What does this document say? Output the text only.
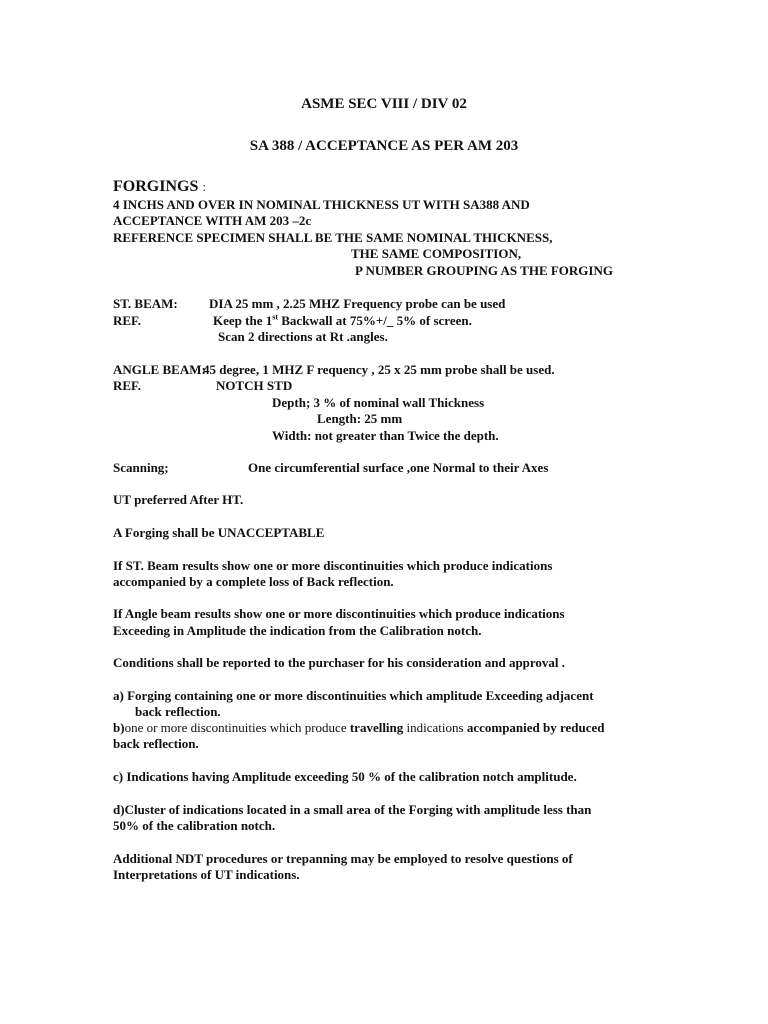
ASME SEC VIII / DIV 02
SA 388 / ACCEPTANCE AS PER AM 203
FORGINGS :
4 INCHS AND OVER IN NOMINAL THICKNESS UT WITH SA388 AND
ACCEPTANCE WITH AM 203 –2c
REFERENCE SPECIMEN SHALL BE THE SAME NOMINAL THICKNESS,
THE SAME COMPOSITION,
P NUMBER GROUPING AS THE FORGING
ST. BEAM: DIA 25 mm , 2.25 MHZ Frequency probe can be used
REF.	Keep the 1st Backwall at 75%+/_ 5% of screen.
Scan 2 directions at Rt .angles.
ANGLE BEAM:
45 degree, 1 MHZ F requency , 25 x 25 mm probe shall be used.
REF.	NOTCH STD
Depth; 3 % of nominal wall Thickness
Length: 25 mm
Width: not greater than Twice the depth.
Scanning;	One circumferential surface ,one Normal to their Axes
UT preferred After HT.
A Forging shall be UNACCEPTABLE
If ST. Beam results show one or more discontinuities which produce indications
accompanied by a complete loss of Back reflection.
If Angle beam results show one or more discontinuities which produce indications
Exceeding in Amplitude the indication from the Calibration notch.
Conditions shall be reported to the purchaser for his consideration and approval .
a) Forging containing one or more discontinuities which amplitude Exceeding adjacent
back reflection.
b)one or more discontinuities which produce travelling indications accompanied by reduced
back reflection.
c) Indications having Amplitude exceeding 50 % of the calibration notch amplitude.
d)Cluster of indications located in a small area of the Forging with amplitude less than
50% of the calibration notch.
Additional NDT procedures or trepanning may be employed to resolve questions of
Interpretations of UT indications.
